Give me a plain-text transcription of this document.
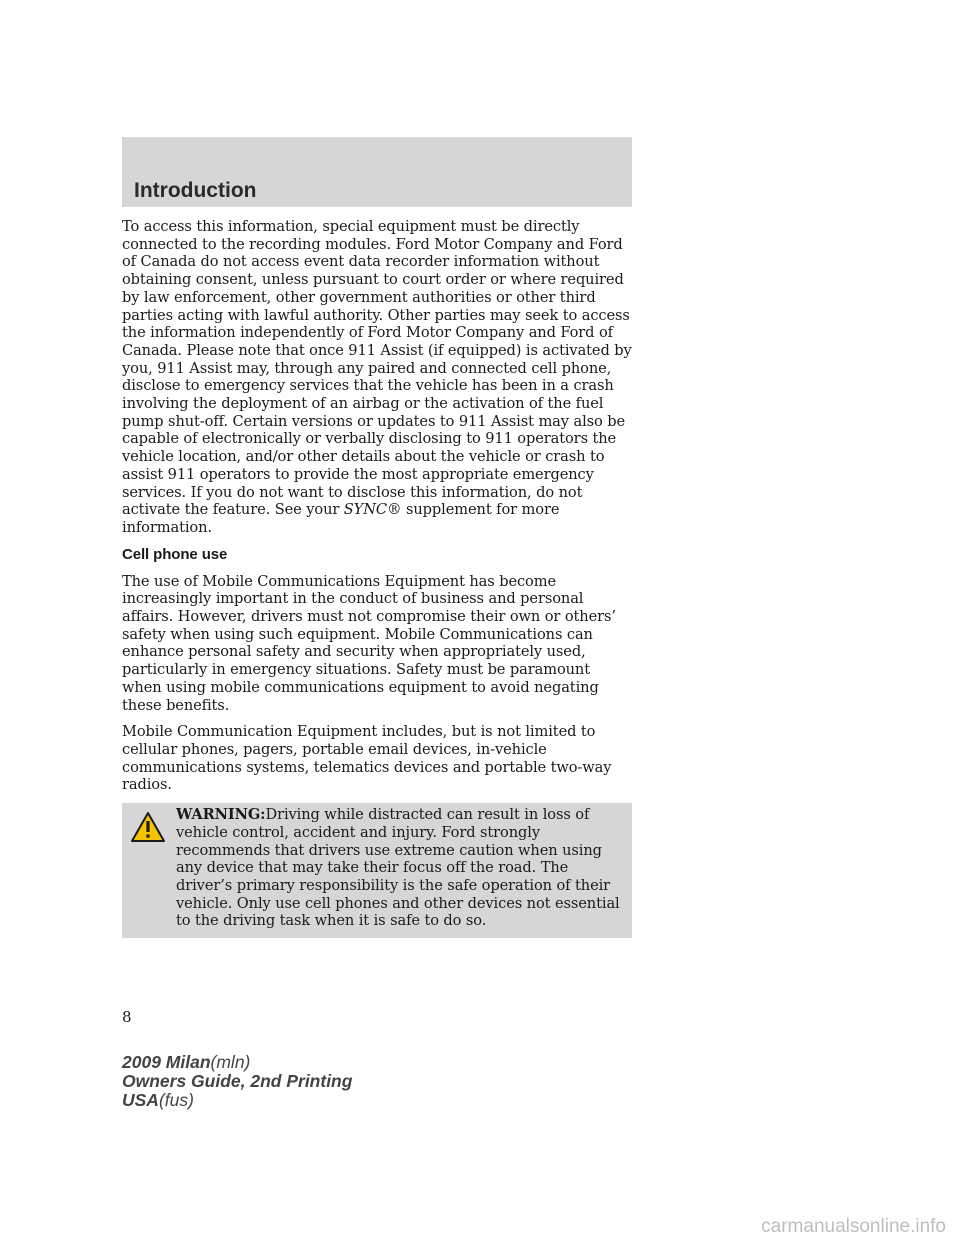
Introduction

To access this information, special equipment must be directly connected to the recording modules. Ford Motor Company and Ford of Canada do not access event data recorder information without obtaining consent, unless pursuant to court order or where required by law enforcement, other government authorities or other third parties acting with lawful authority. Other parties may seek to access the information independently of Ford Motor Company and Ford of Canada. Please note that once 911 Assist (if equipped) is activated by you, 911 Assist may, through any paired and connected cell phone, disclose to emergency services that the vehicle has been in a crash involving the deployment of an airbag or the activation of the fuel pump shut-off. Certain versions or updates to 911 Assist may also be capable of electronically or verbally disclosing to 911 operators the vehicle location, and/or other details about the vehicle or crash to assist 911 operators to provide the most appropriate emergency services. If you do not want to disclose this information, do not activate the feature. See your SYNC® supplement for more information.

Cell phone use

The use of Mobile Communications Equipment has become increasingly important in the conduct of business and personal affairs. However, drivers must not compromise their own or others’ safety when using such equipment. Mobile Communications can enhance personal safety and security when appropriately used, particularly in emergency situations. Safety must be paramount when using mobile communications equipment to avoid negating these benefits.

Mobile Communication Equipment includes, but is not limited to cellular phones, pagers, portable email devices, in-vehicle communications systems, telematics devices and portable two-way radios.

WARNING:Driving while distracted can result in loss of vehicle control, accident and injury. Ford strongly recommends that drivers use extreme caution when using any device that may take their focus off the road. The driver’s primary responsibility is the safe operation of their vehicle. Only use cell phones and other devices not essential to the driving task when it is safe to do so.
8
2009 Milan(mln)
Owners Guide, 2nd Printing
USA(fus)
carmanualsonline.info
